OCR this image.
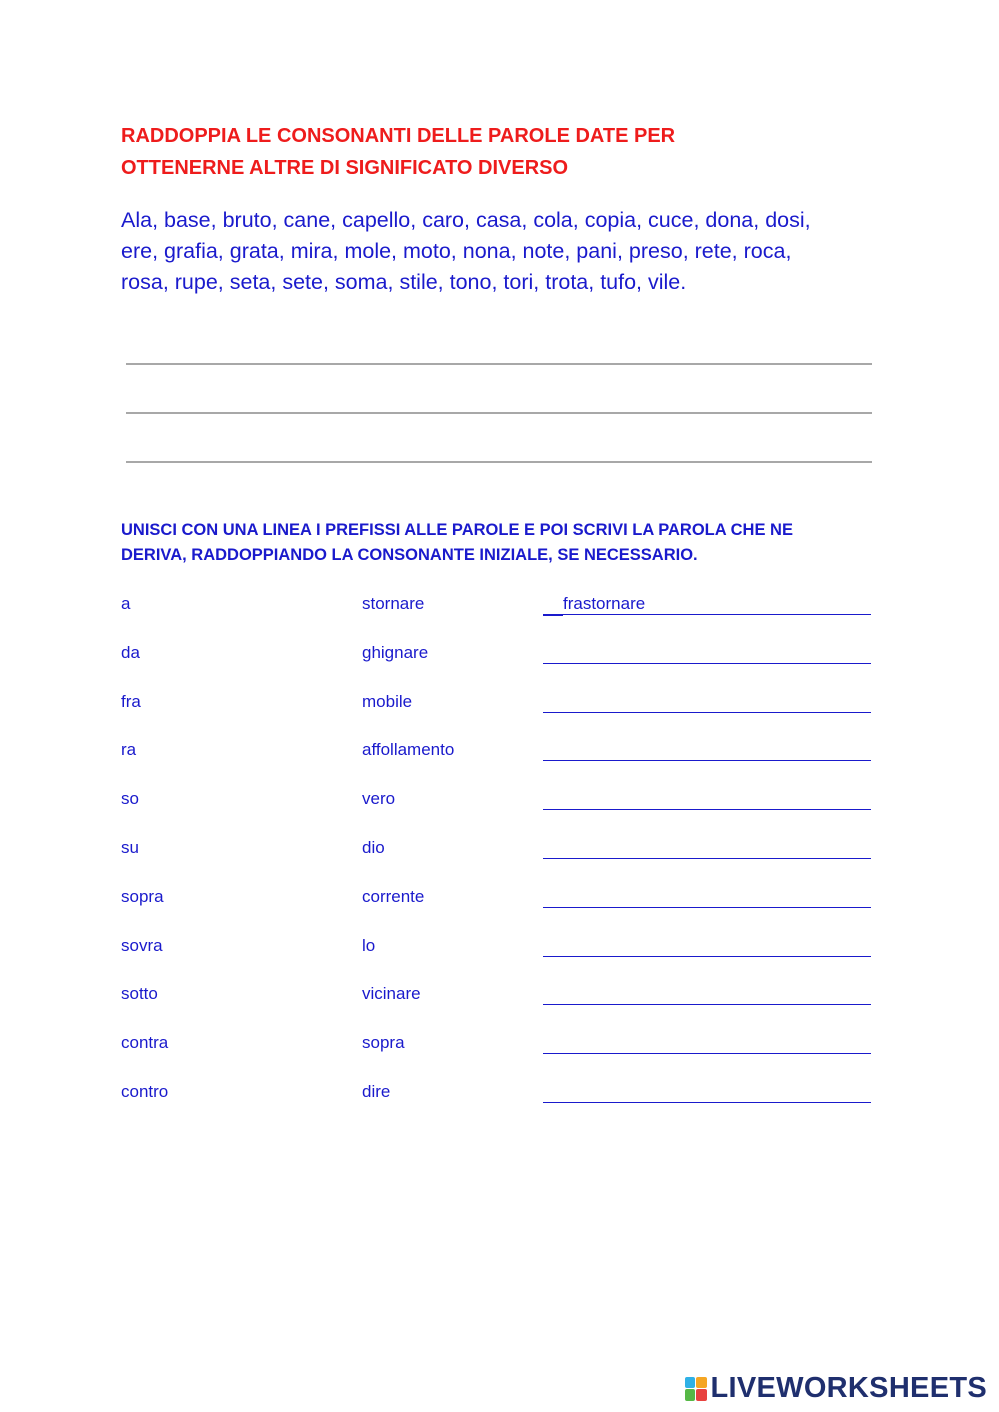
RADDOPPIA LE CONSONANTI DELLE PAROLE DATE PER
OTTENERNE ALTRE DI SIGNIFICATO DIVERSO
Ala, base, bruto, cane, capello, caro, casa, cola, copia, cuce, dona, dosi,
ere, grafia, grata, mira, mole, moto, nona, note, pani, preso, rete, roca,
rosa, rupe, seta, sete, soma, stile, tono, tori, trota, tufo, vile.
UNISCI CON UNA LINEA I PREFISSI ALLE PAROLE E POI SCRIVI LA PAROLA CHE NE
DERIVA, RADDOPPIANDO LA CONSONANTE INIZIALE, SE NECESSARIO.
a	stornare	frastornare
da	ghignare
fra	mobile
ra	affollamento
so	vero
su	dio
sopra	corrente
sovra	lo
sotto	vicinare
contra	sopra
contro	dire
LIVEWORKSHEETS
